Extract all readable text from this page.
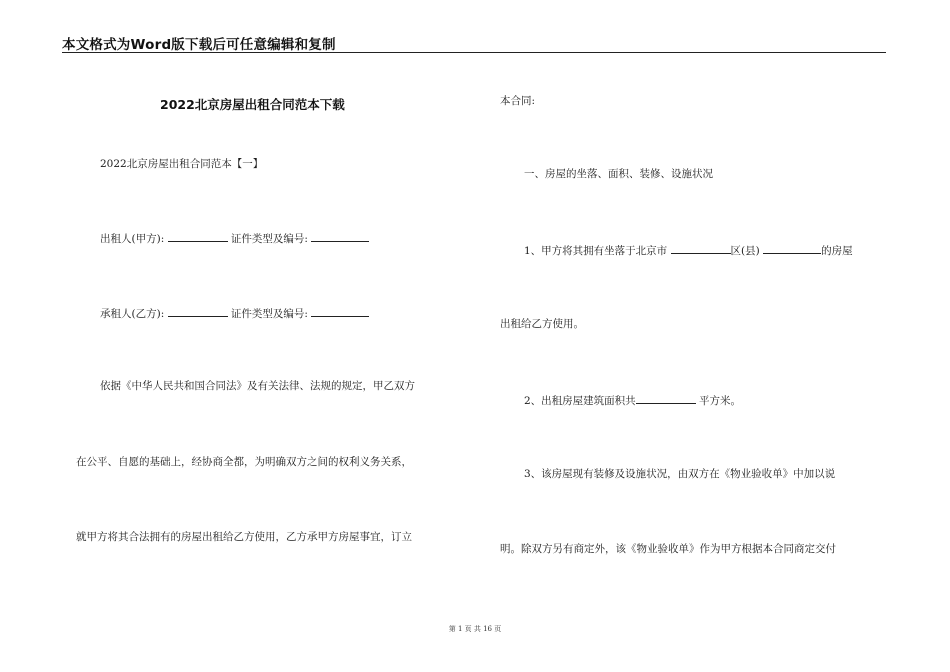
本文格式为Word版下载后可任意编辑和复制
2022北京房屋出租合同范本下载
2022北京房屋出租合同范本【一】
出租人(甲方):	证件类型及编号:
承租人(乙方):	证件类型及编号:
依据《中华人民共和国合同法》及有关法律、法规的规定，甲乙双方
在公平、自愿的基础上，经协商全都，为明确双方之间的权利义务关系，
就甲方将其合法拥有的房屋出租给乙方使用，乙方承甲方房屋事宜，订立
本合同:
一、房屋的坐落、面积、装修、设施状况
1、甲方将其拥有坐落于北京市	区(县)	的房屋
出租给乙方使用。
2、出租房屋建筑面积共	平方米。
3、该房屋现有装修及设施状况，由双方在《物业验收单》中加以说
明。除双方另有商定外，该《物业验收单》作为甲方根据本合同商定交付
第 1 页 共 16 页
